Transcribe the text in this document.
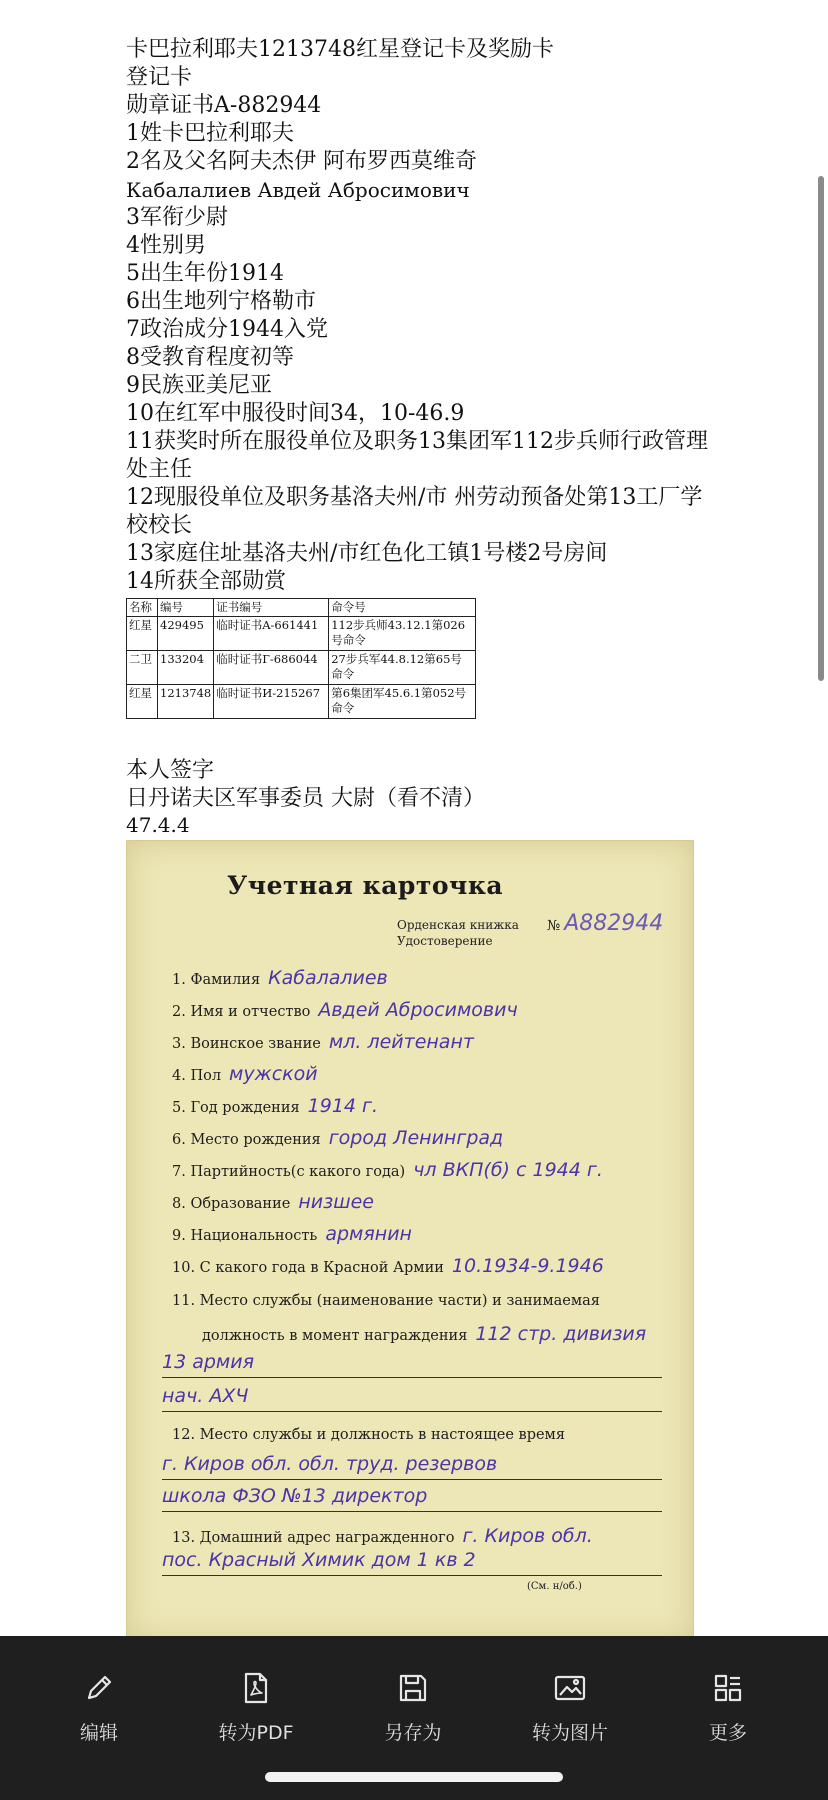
卡巴拉利耶夫1213748红星登记卡及奖励卡
登记卡
勋章证书A-882944
1姓卡巴拉利耶夫
2名及父名阿夫杰伊 阿布罗西莫维奇
Кабалалиев Авдей Абросимович
3军衔少尉
4性别男
5出生年份1914
6出生地列宁格勒市
7政治成分1944入党
8受教育程度初等
9民族亚美尼亚
10在红军中服役时间34，10-46.9
11获奖时所在服役单位及职务13集团军112步兵师行政管理处主任
12现服役单位及职务基洛夫州/市 州劳动预备处第13工厂学校校长
13家庭住址基洛夫州/市红色化工镇1号楼2号房间
14所获全部勋赏
名称	编号	证书编号	命令号
红星	429495	临时证书A-661441	112步兵师43.12.1第026号命令
二卫	133204	临时证书Г-686044	27步兵军44.8.12第65号命令
红星	1213748	临时证书И-215267	第6集团军45.6.1第052号命令
本人签字
日丹诺夫区军事委员 大尉（看不清）
47.4.4
Учетная карточка
Орденская книжка
Удостоверение
№ А882944
1. Фамилия Кабалалиев
2. Имя и отчество Авдей Абросимович
3. Воинское звание мл. лейтенант
4. Пол мужской
5. Год рождения 1914 г.
6. Место рождения город Ленинград
7. Партийность(с какого года) чл ВКП(б) с 1944 г.
8. Образование низшее
9. Национальность армянин
10. С какого года в Красной Армии 10.1934-9.1946
11. Место службы (наименование части) и занимаемая
должность в момент награждения 112 стр. дивизия
13 армия
нач. АХЧ
12. Место службы и должность в настоящее время
г. Киров обл. обл. труд. резервов
школа ФЗО №13 директор
13. Домашний адрес награжденного г. Киров обл.
пос. Красный Химик дом 1 кв 2
(См. н/об.)
编辑	转为PDF	另存为	转为图片	更多
